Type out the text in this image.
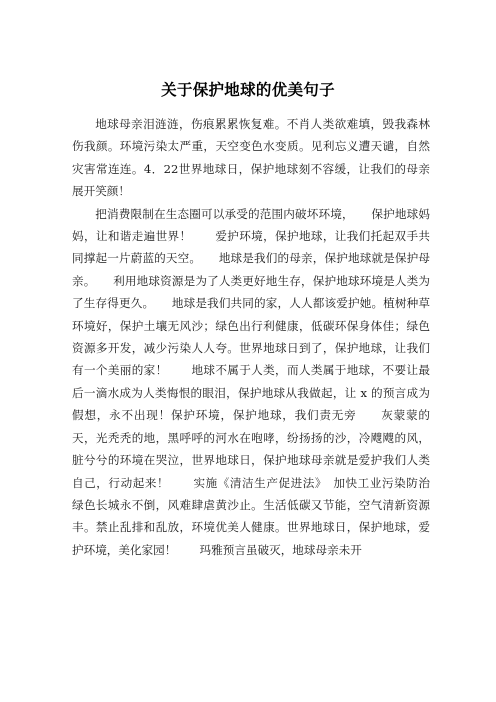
关于保护地球的优美句子

地球母亲泪涟涟，伤痕累累恢复难。不肖人类欲难填，毁我森林伤我颜。环境污染太严重，天空变色水变质。见利忘义遭天谴，自然灾害常连连。4．22世界地球日，保护地球刻不容缓，让我们的母亲展开笑颜！

把消费限制在生态圈可以承受的范围内破坏环境，　　保护地球妈妈，让和谐走遍世界！　　爱护环境，保护地球，让我们托起双手共同撑起一片蔚蓝的天空。　　地球是我们的母亲，保护地球就是保护母亲。　　利用地球资源是为了人类更好地生存，保护地球环境是人类为了生存得更久。　　地球是我们共同的家，人人都该爱护她。植树种草环境好，保护土壤无风沙；绿色出行利健康，低碳环保身体佳；绿色资源多开发，减少污染人人夸。世界地球日到了，保护地球，让我们有一个美丽的家！　　地球不属于人类，而人类属于地球，不要让最后一滴水成为人类悔恨的眼泪，保护地球从我做起，让 x 的预言成为假想，永不出现！保护环境，保护地球，我们责无旁　　灰蒙蒙的天，光秃秃的地，黑呼呼的河水在咆哮，纷扬扬的沙，冷飕飕的风，脏兮兮的环境在哭泣，世界地球日，保护地球母亲就是爱护我们人类自己，行动起来！　　实施《清洁生产促进法》　加快工业污染防治　　绿色长城永不倒，风难肆虐黄沙止。生活低碳又节能，空气清新资源丰。禁止乱排和乱放，环境优美人健康。世界地球日，保护地球，爱护环境，美化家园！　　玛雅预言虽破灭，地球母亲未开
